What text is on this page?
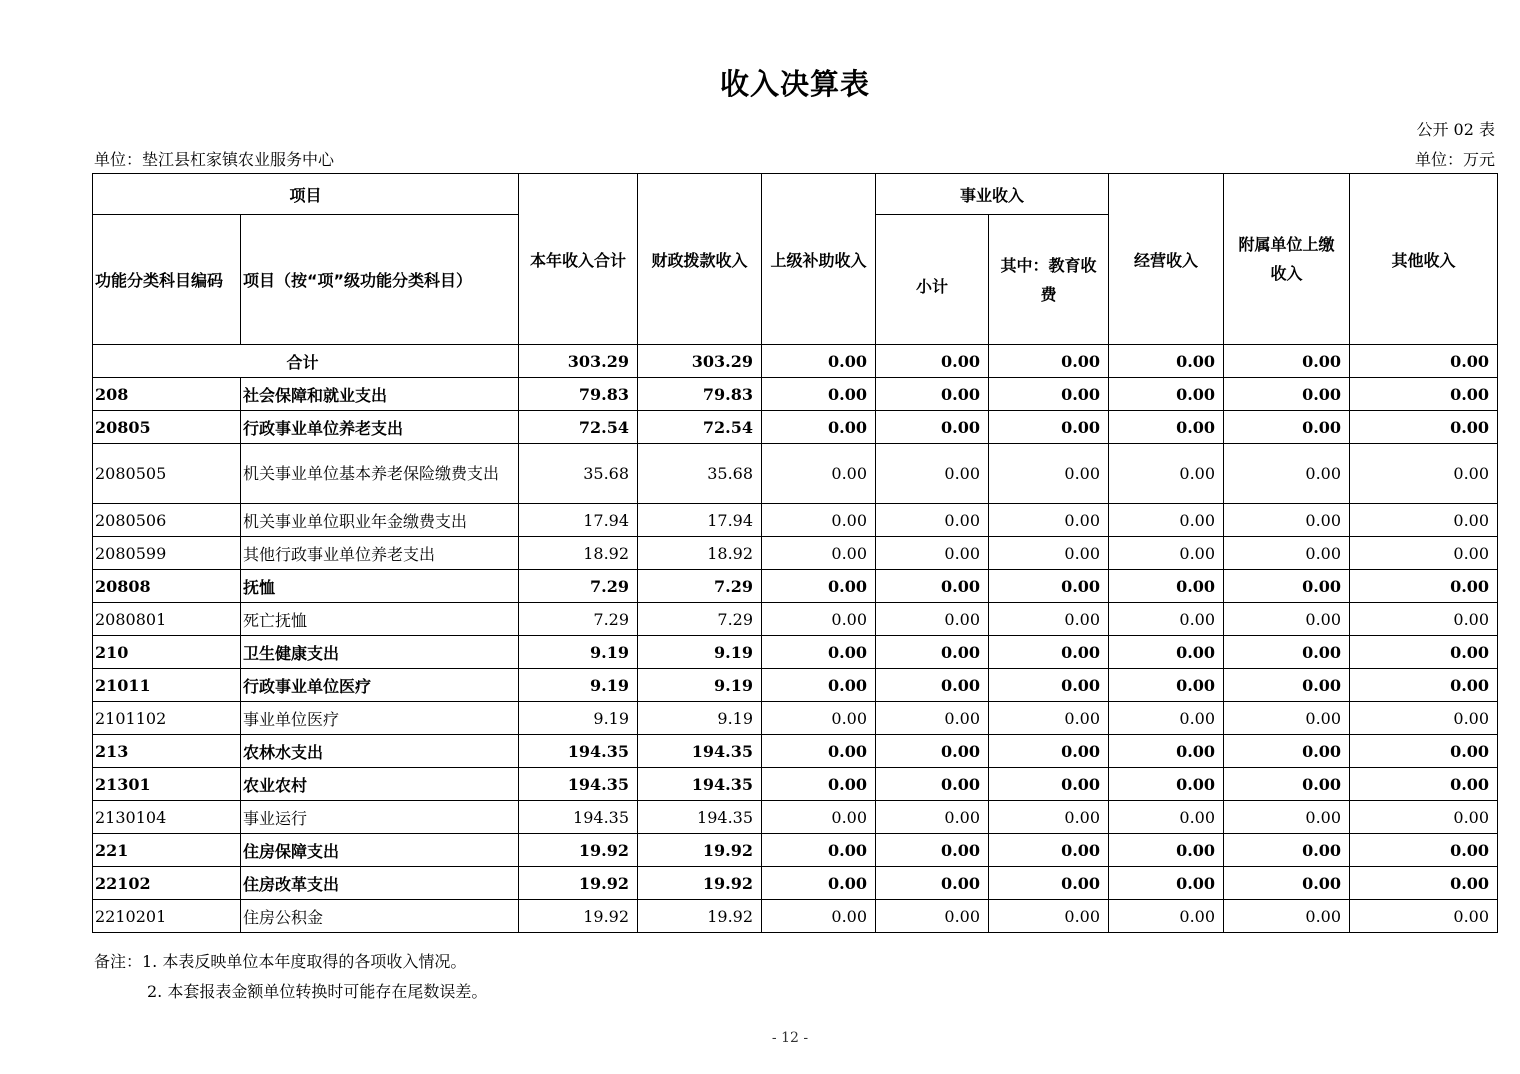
收入决算表
公开 02 表
单位：垫江县杠家镇农业服务中心	单位：万元
项目		本年收入合计	财政拨款收入	上级补助收入	事业收入		经营收入	附属单位上缴收入	其他收入
功能分类科目编码	项目（按“项”级功能分类科目）				小计	其中：教育收费			
合计		303.29	303.29	0.00	0.00	0.00	0.00	0.00	0.00
208	社会保障和就业支出	79.83	79.83	0.00	0.00	0.00	0.00	0.00	0.00
20805	行政事业单位养老支出	72.54	72.54	0.00	0.00	0.00	0.00	0.00	0.00
2080505	机关事业单位基本养老保险缴费支出	35.68	35.68	0.00	0.00	0.00	0.00	0.00	0.00
2080506	机关事业单位职业年金缴费支出	17.94	17.94	0.00	0.00	0.00	0.00	0.00	0.00
2080599	其他行政事业单位养老支出	18.92	18.92	0.00	0.00	0.00	0.00	0.00	0.00
20808	抚恤	7.29	7.29	0.00	0.00	0.00	0.00	0.00	0.00
2080801	死亡抚恤	7.29	7.29	0.00	0.00	0.00	0.00	0.00	0.00
210	卫生健康支出	9.19	9.19	0.00	0.00	0.00	0.00	0.00	0.00
21011	行政事业单位医疗	9.19	9.19	0.00	0.00	0.00	0.00	0.00	0.00
2101102	事业单位医疗	9.19	9.19	0.00	0.00	0.00	0.00	0.00	0.00
213	农林水支出	194.35	194.35	0.00	0.00	0.00	0.00	0.00	0.00
21301	农业农村	194.35	194.35	0.00	0.00	0.00	0.00	0.00	0.00
2130104	事业运行	194.35	194.35	0.00	0.00	0.00	0.00	0.00	0.00
221	住房保障支出	19.92	19.92	0.00	0.00	0.00	0.00	0.00	0.00
22102	住房改革支出	19.92	19.92	0.00	0.00	0.00	0.00	0.00	0.00
2210201	住房公积金	19.92	19.92	0.00	0.00	0.00	0.00	0.00	0.00
备注：1. 本表反映单位本年度取得的各项收入情况。
2. 本套报表金额单位转换时可能存在尾数误差。
- 12 -
